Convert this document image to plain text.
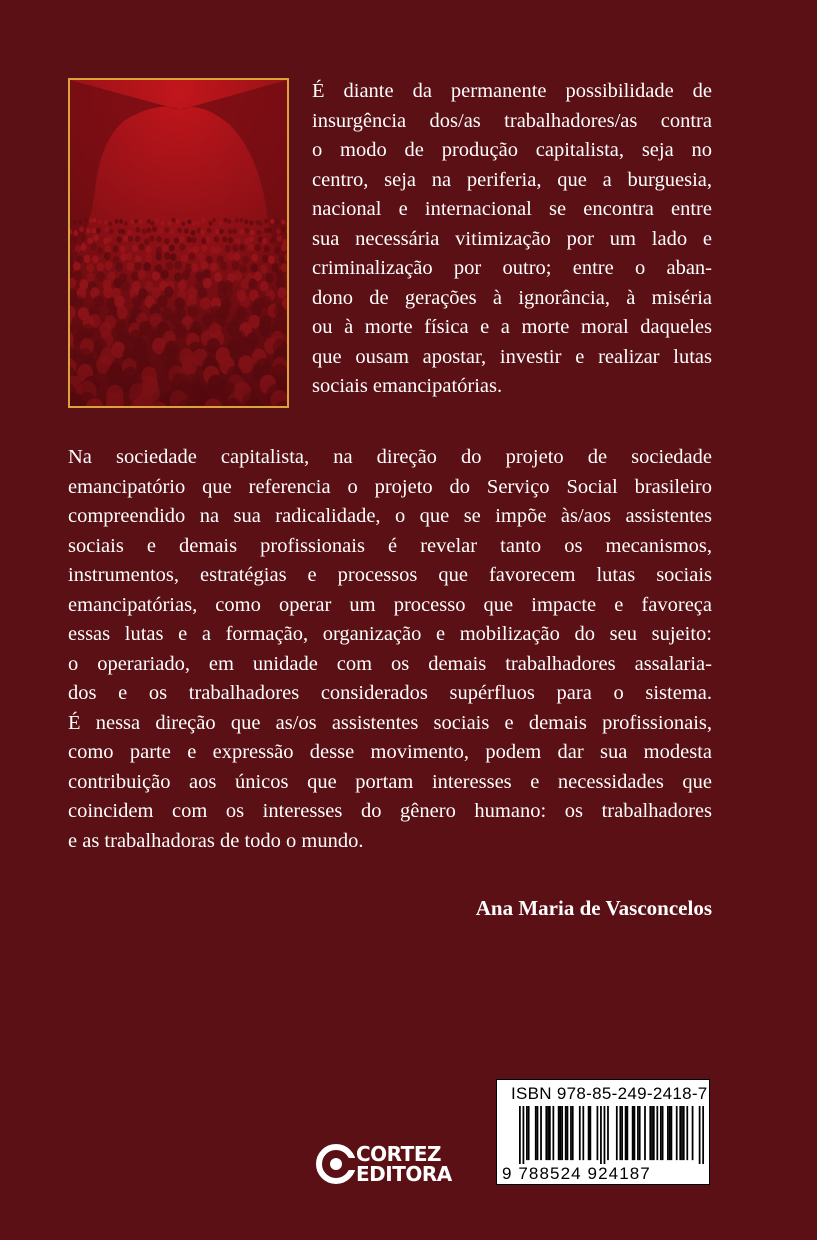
É diante da permanente possibilidade de
insurgência dos/as trabalhadores/as contra
o modo de produção capitalista, seja no
centro, seja na periferia, que a burguesia,
nacional e internacional se encontra entre
sua necessária vitimização por um lado e
criminalização por outro; entre o aban-
dono de gerações à ignorância, à miséria
ou à morte física e a morte moral daqueles
que ousam apostar, investir e realizar lutas
sociais emancipatórias.

Na sociedade capitalista, na direção do projeto de sociedade
emancipatório que referencia o projeto do Serviço Social brasileiro
compreendido na sua radicalidade, o que se impõe às/aos assistentes
sociais e demais profissionais é revelar tanto os mecanismos,
instrumentos, estratégias e processos que favorecem lutas sociais
emancipatórias, como operar um processo que impacte e favoreça
essas lutas e a formação, organização e mobilização do seu sujeito:
o operariado, em unidade com os demais trabalhadores assalaria-
dos e os trabalhadores considerados supérfluos para o sistema.
É nessa direção que as/os assistentes sociais e demais profissionais,
como parte e expressão desse movimento, podem dar sua modesta
contribuição aos únicos que portam interesses e necessidades que
coincidem com os interesses do gênero humano: os trabalhadores
e as trabalhadoras de todo o mundo.

Ana Maria de Vasconcelos

ISBN 978-85-249-2418-7
9 788524 924187
CORTEZ
EDITORA
